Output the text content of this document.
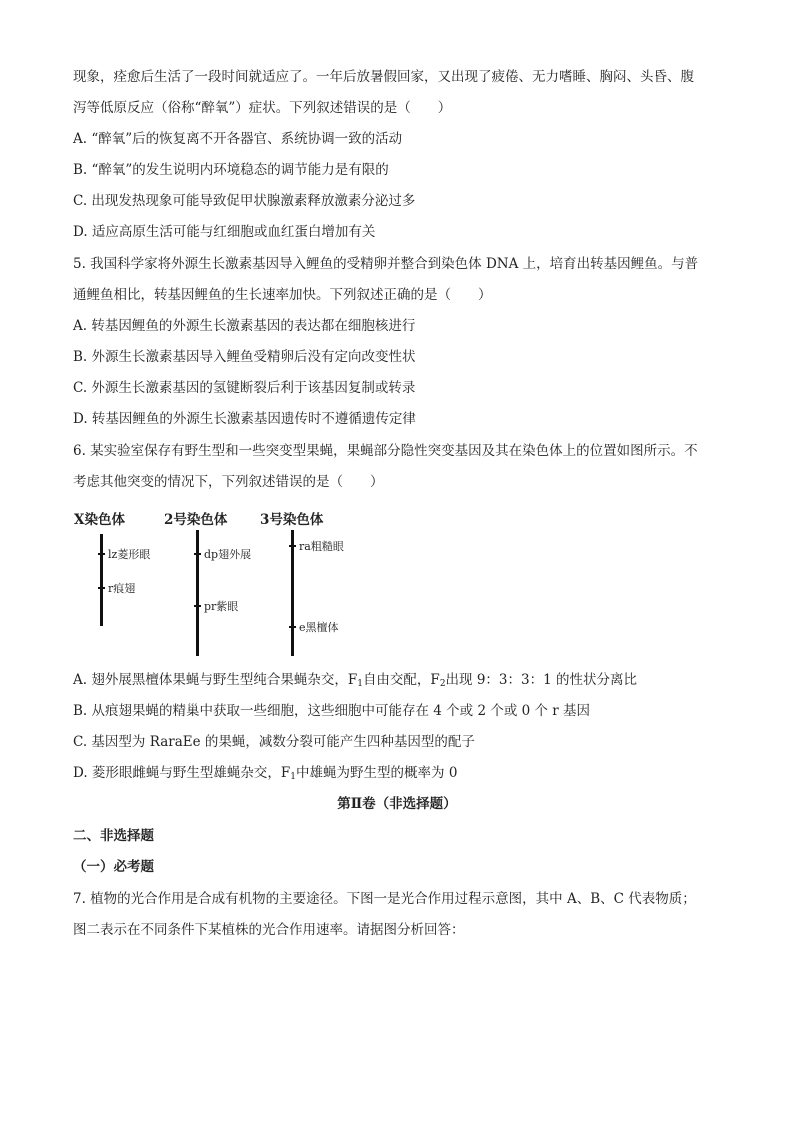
现象，痊愈后生活了一段时间就适应了。一年后放暑假回家，又出现了疲倦、无力嗜睡、胸闷、头昏、腹
泻等低原反应（俗称“醉氧”）症状。下列叙述错误的是（　　）
A. “醉氧”后的恢复离不开各器官、系统协调一致的活动
B. “醉氧”的发生说明内环境稳态的调节能力是有限的
C. 出现发热现象可能导致促甲状腺激素释放激素分泌过多
D. 适应高原生活可能与红细胞或血红蛋白增加有关
5. 我国科学家将外源生长激素基因导入鲤鱼的受精卵并整合到染色体 DNA 上，培育出转基因鲤鱼。与普
通鲤鱼相比，转基因鲤鱼的生长速率加快。下列叙述正确的是（　　）
A. 转基因鲤鱼的外源生长激素基因的表达都在细胞核进行
B. 外源生长激素基因导入鲤鱼受精卵后没有定向改变性状
C. 外源生长激素基因的氢键断裂后利于该基因复制或转录
D. 转基因鲤鱼的外源生长激素基因遗传时不遵循遗传定律
6. 某实验室保存有野生型和一些突变型果蝇，果蝇部分隐性突变基因及其在染色体上的位置如图所示。不
考虑其他突变的情况下，下列叙述错误的是（　　）
X染色体	2号染色体 3号染色体
lz菱形眼
r痕翅
dp翅外展
pr紫眼
ra粗糙眼
e黑檀体
A. 翅外展黑檀体果蝇与野生型纯合果蝇杂交，$F_1$自由交配，$F_2$出现 9：3：3：1 的性状分离比
B. 从痕翅果蝇的精巢中获取一些细胞，这些细胞中可能存在 4 个或 2 个或 0 个 r 基因
C. 基因型为 RaraEe 的果蝇，减数分裂可能产生四种基因型的配子
D. 菱形眼雌蝇与野生型雄蝇杂交，$F_1$中雄蝇为野生型的概率为 0
第Ⅱ卷（非选择题）
二、非选择题
（一）必考题
7. 植物的光合作用是合成有机物的主要途径。下图一是光合作用过程示意图，其中 A、B、C 代表物质；
图二表示在不同条件下某植株的光合作用速率。请据图分析回答：
